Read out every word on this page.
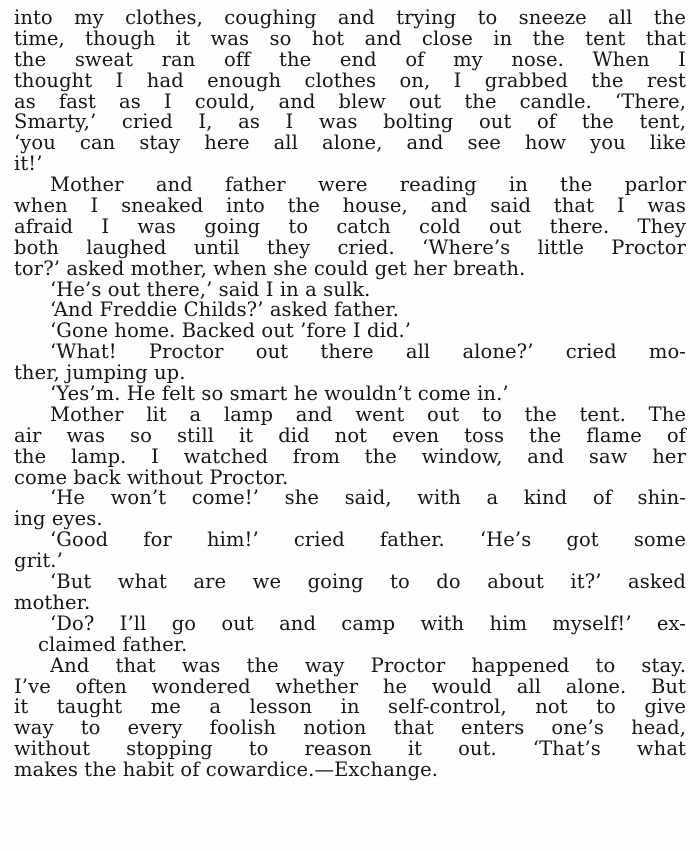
into my clothes, coughing and trying to sneeze all the
time, though it was so hot and close in the tent that
the sweat ran off the end of my nose. When I
thought I had enough clothes on, I grabbed the rest
as fast as I could, and blew out the candle. ‘There,
Smarty,’ cried I, as I was bolting out of the tent,
‘you can stay here all alone, and see how you like
it!’
Mother and father were reading in the parlor
when I sneaked into the house, and said that I was
afraid I was going to catch cold out there. They
both laughed until they cried. ‘Where’s little Proctor
tor?’ asked mother, when she could get her breath.
‘He’s out there,’ said I in a sulk.
‘And Freddie Childs?’ asked father.
‘Gone home. Backed out ’fore I did.’
‘What! Proctor out there all alone?’ cried mo-
ther, jumping up.
‘Yes’m. He felt so smart he wouldn’t come in.’
Mother lit a lamp and went out to the tent. The
air was so still it did not even toss the flame of
the lamp. I watched from the window, and saw her
come back without Proctor.
‘He won’t come!’ she said, with a kind of shin-
ing eyes.
‘Good for him!’ cried father. ‘He’s got some
grit.’
‘But what are we going to do about it?’ asked
mother.
‘Do? I’ll go out and camp with him myself!’ ex-
claimed father.
And that was the way Proctor happened to stay.
I’ve often wondered whether he would all alone. But
it taught me a lesson in self-control, not to give
way to every foolish notion that enters one’s head,
without stopping to reason it out. ‘That’s what
makes the habit of cowardice.—Exchange.
